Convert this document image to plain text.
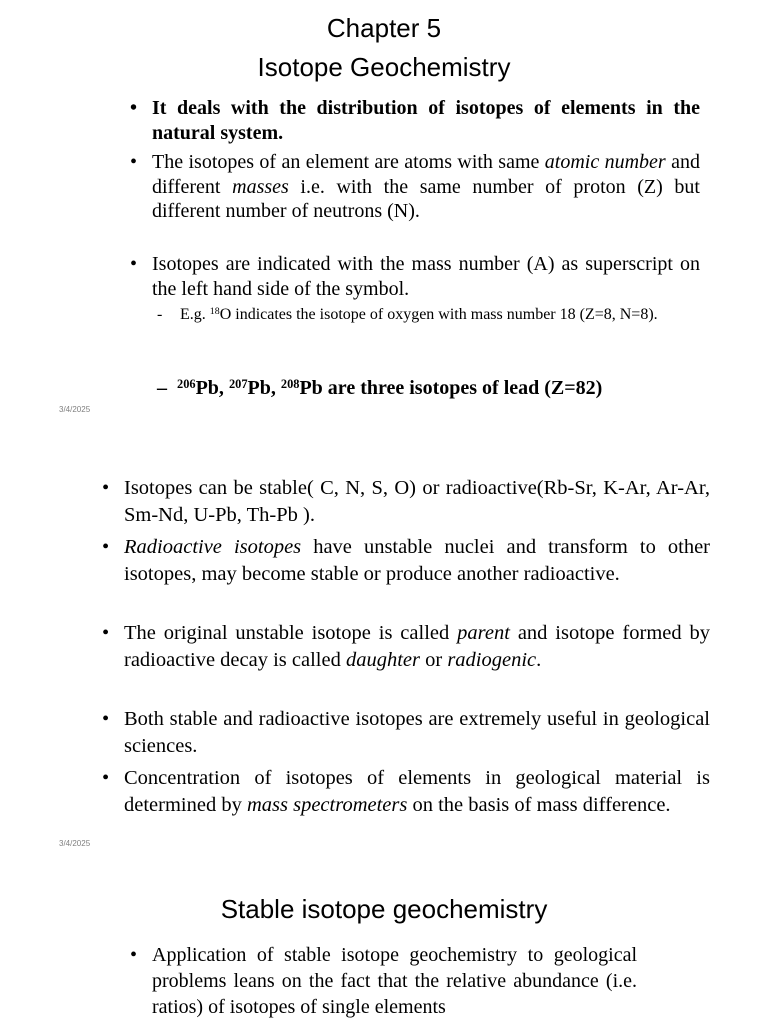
Chapter 5
Isotope Geochemistry
• It deals with the distribution of isotopes of elements in the natural system.
• The isotopes of an element are atoms with same atomic number and different masses i.e. with the same number of proton (Z) but different number of neutrons (N).
• Isotopes are indicated with the mass number (A) as superscript on the left hand side of the symbol.
- E.g. $^{18}$O indicates the isotope of oxygen with mass number 18 (Z=8, N=8).
– $^{206}$Pb, $^{207}$Pb, $^{208}$Pb are three isotopes of lead (Z=82)
3/4/2025
• Isotopes can be stable( C, N, S, O) or radioactive(Rb-Sr, K-Ar, Ar-Ar, Sm-Nd, U-Pb, Th-Pb ).
• Radioactive isotopes have unstable nuclei and transform to other isotopes, may become stable or produce another radioactive.
• The original unstable isotope is called parent and isotope formed by radioactive decay is called daughter or radiogenic.
• Both stable and radioactive isotopes are extremely useful in geological sciences.
• Concentration of isotopes of elements in geological material is determined by mass spectrometers on the basis of mass difference.
3/4/2025
Stable isotope geochemistry
• Application of stable isotope geochemistry to geological problems leans on the fact that the relative abundance (i.e. ratios) of isotopes of single elements
